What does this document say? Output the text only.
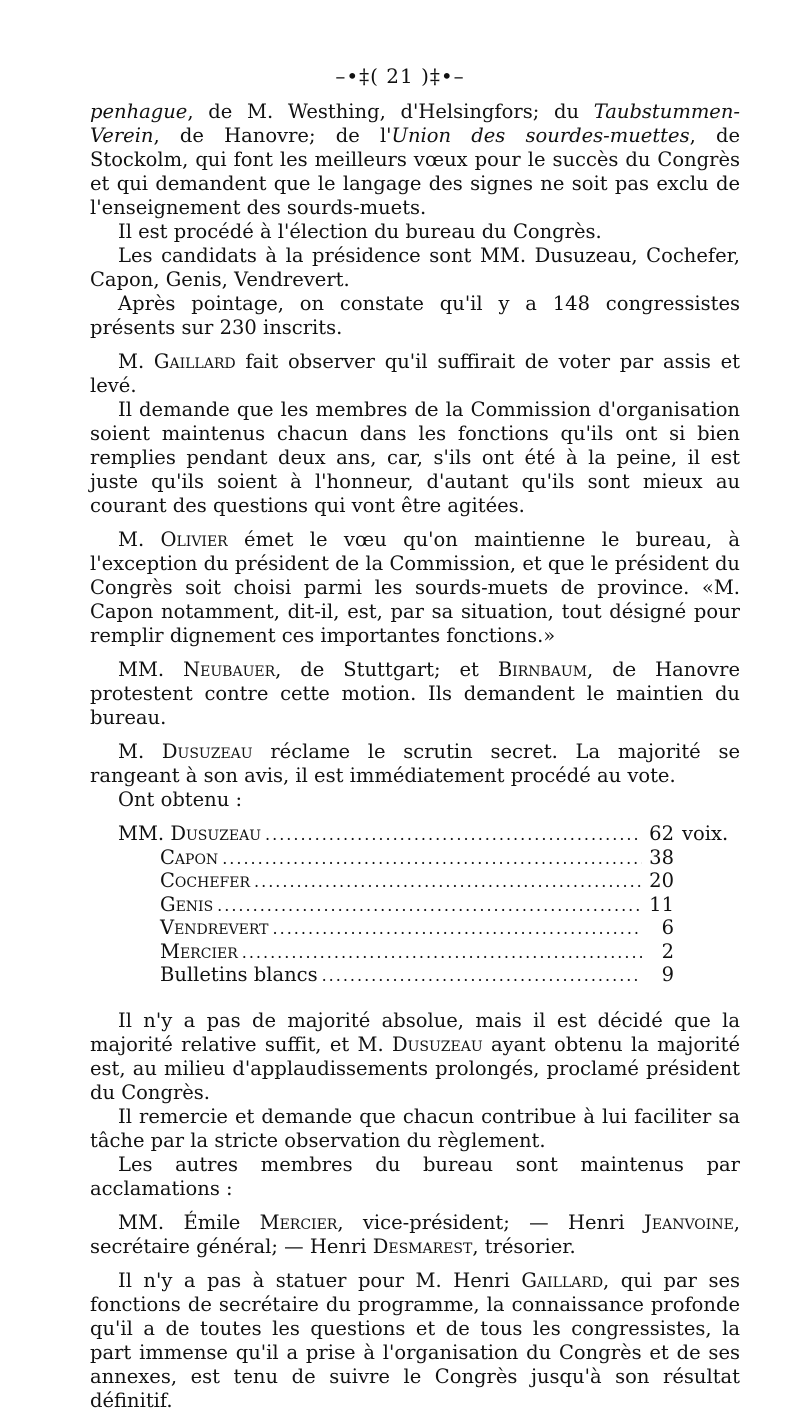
–•‡( 21 )‡•–

penhague, de M. Westhing, d'Helsingfors; du Taubstummen-Verein, de Hanovre; de l'Union des sourdes-muettes, de Stockolm, qui font les meilleurs vœux pour le succès du Congrès et qui demandent que le langage des signes ne soit pas exclu de l'enseignement des sourds-muets.

Il est procédé à l'élection du bureau du Congrès.

Les candidats à la présidence sont MM. Dusuzeau, Cochefer, Capon, Genis, Vendrevert.

Après pointage, on constate qu'il y a 148 congressistes présents sur 230 inscrits.

M. Gaillard fait observer qu'il suffirait de voter par assis et levé.

Il demande que les membres de la Commission d'organisation soient maintenus chacun dans les fonctions qu'ils ont si bien remplies pendant deux ans, car, s'ils ont été à la peine, il est juste qu'ils soient à l'honneur, d'autant qu'ils sont mieux au courant des questions qui vont être agitées.

M. Olivier émet le vœu qu'on maintienne le bureau, à l'exception du président de la Commission, et que le président du Congrès soit choisi parmi les sourds-muets de province. «M. Capon notamment, dit-il, est, par sa situation, tout désigné pour remplir dignement ces importantes fonctions.»

MM. Neubauer, de Stuttgart; et Birnbaum, de Hanovre protestent contre cette motion. Ils demandent le maintien du bureau.

M. Dusuzeau réclame le scrutin secret. La majorité se rangeant à son avis, il est immédiatement procédé au vote.

Ont obtenu :

MM. Dusuzeau .....	62 voix.
Capon .....	38
Cochefer .....	20
Genis .....	11
Vendrevert .....	6
Mercier .....	2
Bulletins blancs .....	9

Il n'y a pas de majorité absolue, mais il est décidé que la majorité relative suffit, et M. Dusuzeau ayant obtenu la majorité est, au milieu d'applaudissements prolongés, proclamé président du Congrès.

Il remercie et demande que chacun contribue à lui faciliter sa tâche par la stricte observation du règlement.

Les autres membres du bureau sont maintenus par acclamations :

MM. Émile Mercier, vice-président; — Henri Jeanvoine, secrétaire général; — Henri Desmarest, trésorier.

Il n'y a pas à statuer pour M. Henri Gaillard, qui par ses fonctions de secrétaire du programme, la connaissance profonde qu'il a de toutes les questions et de tous les congressistes, la part immense qu'il a prise à l'organisation du Congrès et de ses annexes, est tenu de suivre le Congrès jusqu'à son résultat définitif.
